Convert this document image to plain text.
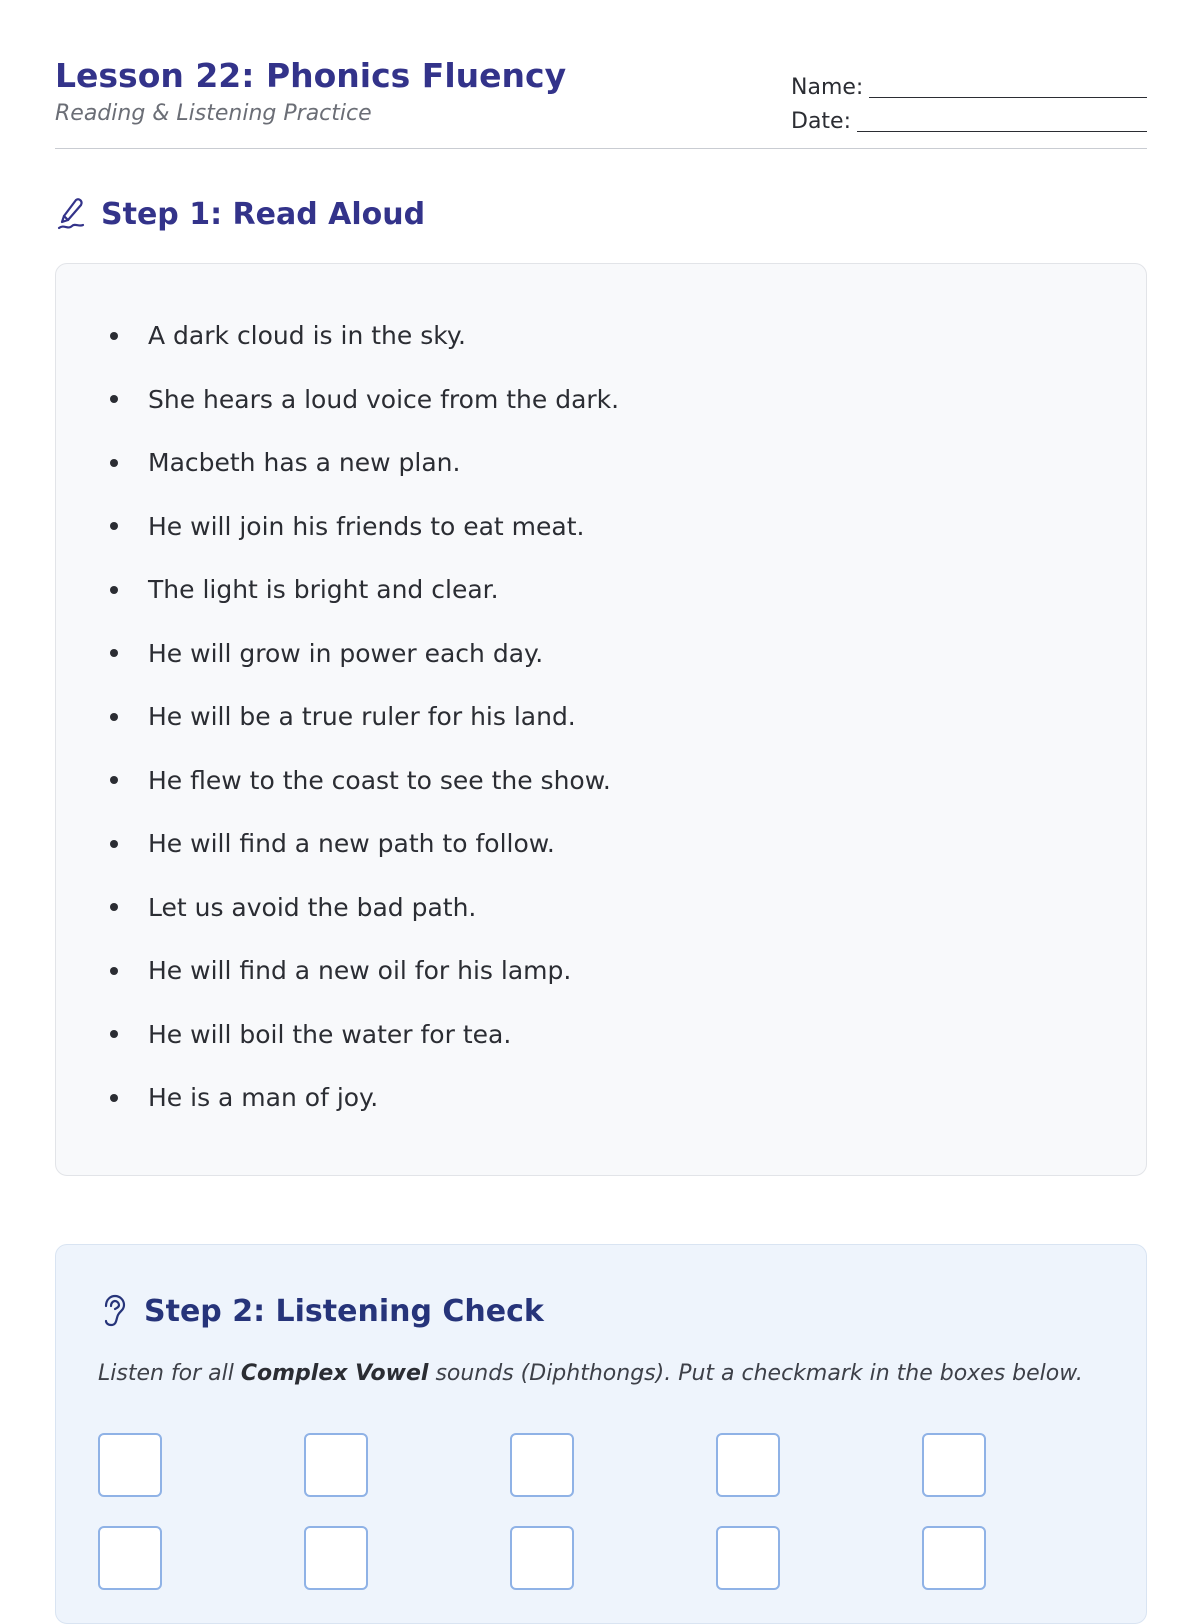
Lesson 22: Phonics Fluency
Reading & Listening Practice
Name:
Date:
Step 1: Read Aloud
A dark cloud is in the sky.
She hears a loud voice from the dark.
Macbeth has a new plan.
He will join his friends to eat meat.
The light is bright and clear.
He will grow in power each day.
He will be a true ruler for his land.
He flew to the coast to see the show.
He will find a new path to follow.
Let us avoid the bad path.
He will find a new oil for his lamp.
He will boil the water for tea.
He is a man of joy.
Step 2: Listening Check
Listen for all Complex Vowel sounds (Diphthongs). Put a checkmark in the boxes below.
